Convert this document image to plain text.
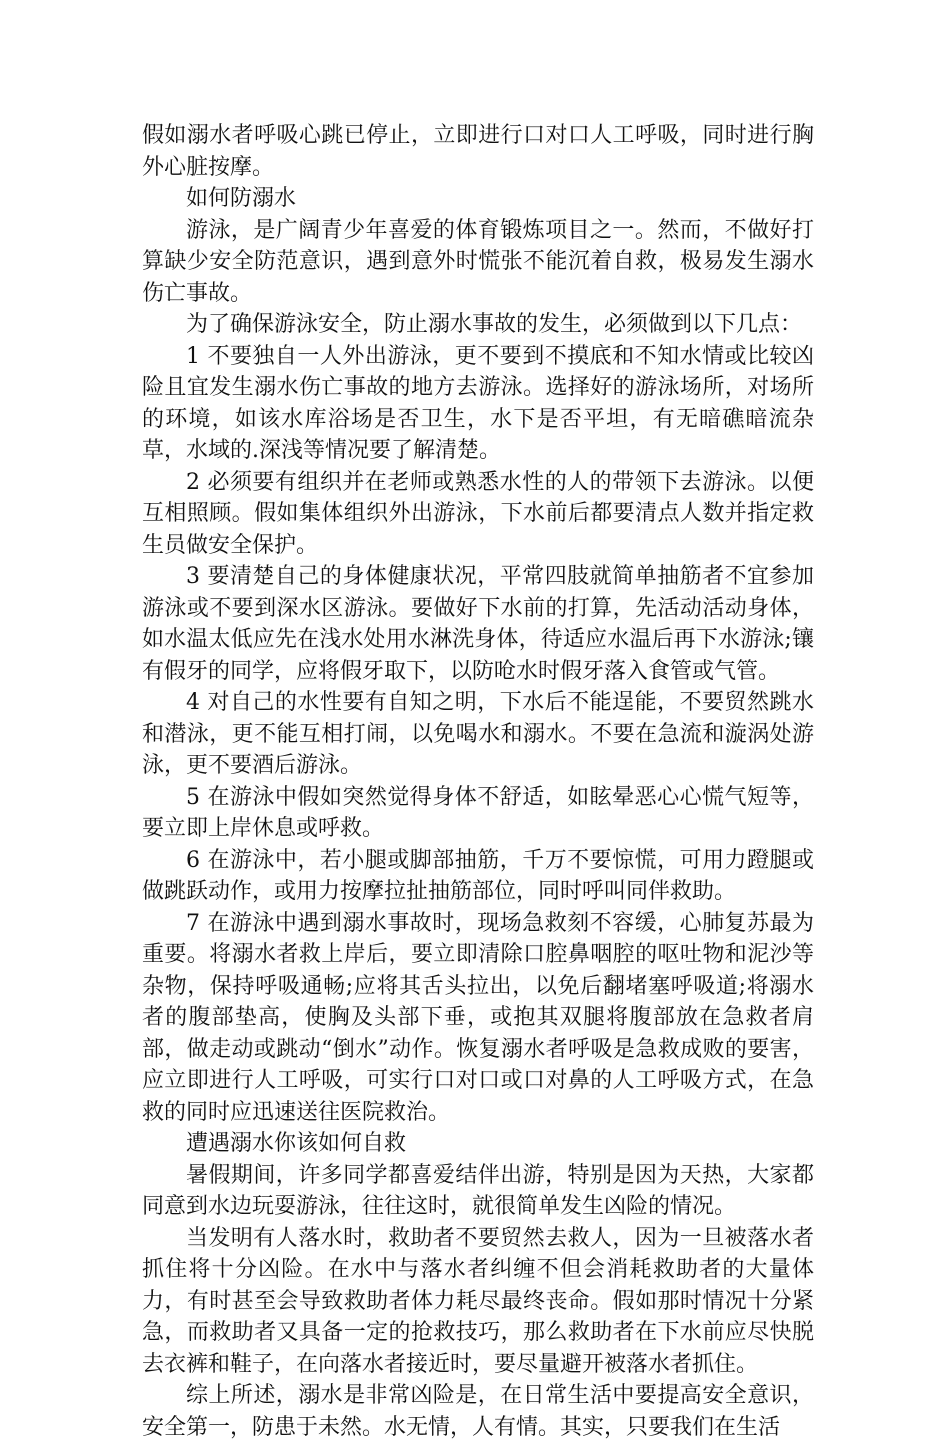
假如溺水者呼吸心跳已停止，立即进行口对口人工呼吸，同时进行胸外心脏按摩。

如何防溺水

游泳，是广阔青少年喜爱的体育锻炼项目之一。然而，不做好打算缺少安全防范意识，遇到意外时慌张不能沉着自救，极易发生溺水伤亡事故。

为了确保游泳安全，防止溺水事故的发生，必须做到以下几点：

1 不要独自一人外出游泳，更不要到不摸底和不知水情或比较凶险且宜发生溺水伤亡事故的地方去游泳。选择好的游泳场所，对场所的环境，如该水库浴场是否卫生，水下是否平坦，有无暗礁暗流杂草，水域的.深浅等情况要了解清楚。

2 必须要有组织并在老师或熟悉水性的人的带领下去游泳。以便互相照顾。假如集体组织外出游泳，下水前后都要清点人数并指定救生员做安全保护。

3 要清楚自己的身体健康状况，平常四肢就简单抽筋者不宜参加游泳或不要到深水区游泳。要做好下水前的打算，先活动活动身体，如水温太低应先在浅水处用水淋洗身体，待适应水温后再下水游泳;镶有假牙的同学，应将假牙取下，以防呛水时假牙落入食管或气管。

4 对自己的水性要有自知之明，下水后不能逞能，不要贸然跳水和潜泳，更不能互相打闹，以免喝水和溺水。不要在急流和漩涡处游泳，更不要酒后游泳。

5 在游泳中假如突然觉得身体不舒适，如眩晕恶心心慌气短等，要立即上岸休息或呼救。

6 在游泳中，若小腿或脚部抽筋，千万不要惊慌，可用力蹬腿或做跳跃动作，或用力按摩拉扯抽筋部位，同时呼叫同伴救助。

7 在游泳中遇到溺水事故时，现场急救刻不容缓，心肺复苏最为重要。将溺水者救上岸后，要立即清除口腔鼻咽腔的呕吐物和泥沙等杂物，保持呼吸通畅;应将其舌头拉出，以免后翻堵塞呼吸道;将溺水者的腹部垫高，使胸及头部下垂，或抱其双腿将腹部放在急救者肩部，做走动或跳动“倒水”动作。恢复溺水者呼吸是急救成败的要害，应立即进行人工呼吸，可实行口对口或口对鼻的人工呼吸方式，在急救的同时应迅速送往医院救治。

遭遇溺水你该如何自救

暑假期间，许多同学都喜爱结伴出游，特别是因为天热，大家都同意到水边玩耍游泳，往往这时，就很简单发生凶险的情况。

当发明有人落水时，救助者不要贸然去救人，因为一旦被落水者抓住将十分凶险。在水中与落水者纠缠不但会消耗救助者的大量体力，有时甚至会导致救助者体力耗尽最终丧命。假如那时情况十分紧急，而救助者又具备一定的抢救技巧，那么救助者在下水前应尽快脱去衣裤和鞋子，在向落水者接近时，要尽量避开被落水者抓住。

综上所述，溺水是非常凶险是，在日常生活中要提高安全意识，安全第一，防患于未然。水无情，人有情。其实，只要我们在生活
